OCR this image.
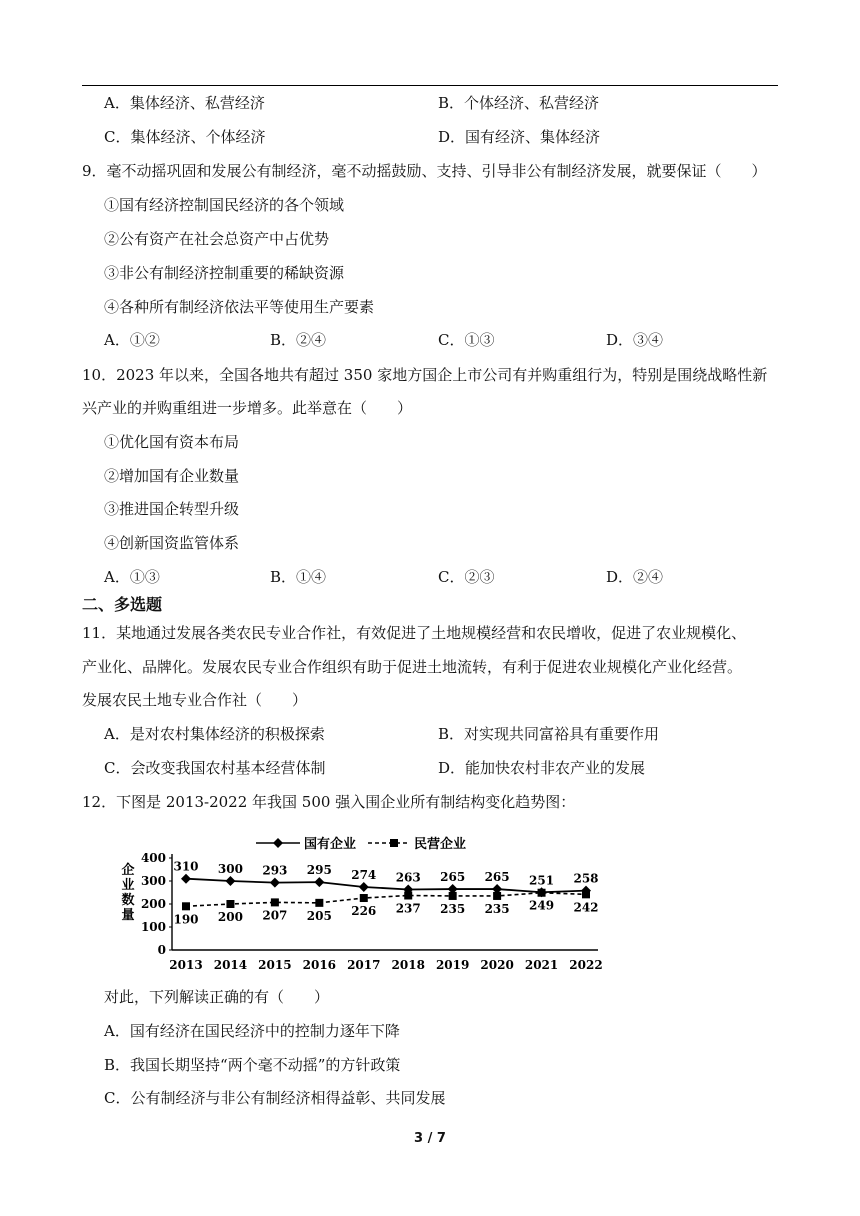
A．集体经济、私营经济	B．个体经济、私营经济
C．集体经济、个体经济	D．国有经济、集体经济
9．毫不动摇巩固和发展公有制经济，毫不动摇鼓励、支持、引导非公有制经济发展，就要保证（　　）
①国有经济控制国民经济的各个领域
②公有资产在社会总资产中占优势
③非公有制经济控制重要的稀缺资源
④各种所有制经济依法平等使用生产要素
A．①②	B．②④	C．①③	D．③④
10．2023 年以来，全国各地共有超过 350 家地方国企上市公司有并购重组行为，特别是围绕战略性新
兴产业的并购重组进一步增多。此举意在（　　）
①优化国有资本布局
②增加国有企业数量
③推进国企转型升级
④创新国资监管体系
A．①③	B．①④	C．②③	D．②④
二、多选题
11．某地通过发展各类农民专业合作社，有效促进了土地规模经营和农民增收，促进了农业规模化、
产业化、品牌化。发展农民专业合作组织有助于促进土地流转，有利于促进农业规模化产业化经营。
发展农民土地专业合作社（　　）
A．是对农村集体经济的积极探索	B．对实现共同富裕具有重要作用
C．会改变我国农村基本经营体制	D．能加快农村非农产业的发展
12．下图是 2013-2022 年我国 500 强入围企业所有制结构变化趋势图：
0
100
200
300
400
企
业
数
量
2013 2014 2015 2016 2017 2018 2019 2020 2021 2022
国有企业	民营企业
310 300 293 295 274 263 265 265 251 258
190 200 207 205 226 237 235 235 249 242
对此，下列解读正确的有（　　）
A．国有经济在国民经济中的控制力逐年下降
B．我国长期坚持“两个毫不动摇”的方针政策
C．公有制经济与非公有制经济相得益彰、共同发展
3 / 7
